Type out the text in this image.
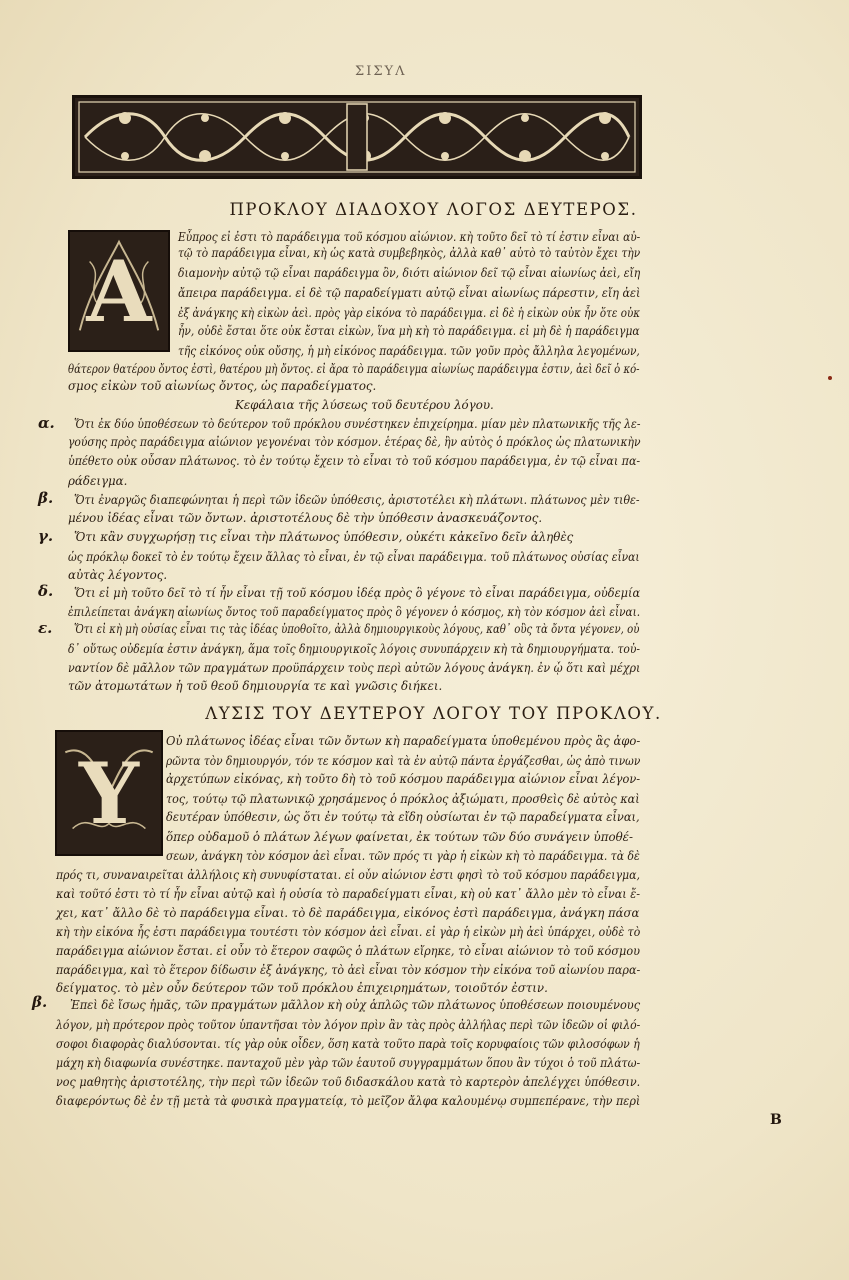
ΣΙΣΥΛ
ΠΡΟΚΛΟΥ ΔΙΑΔΟΧΟΥ ΛΟΓΟΣ ΔΕΥΤΕΡΟΣ.
Α
Εὖπρος εἰ ἐστι τὸ παράδειγμα τοῦ κόσμου αἰώνιον. κὴ τοῦτο δεῖ τὸ τί ἐστιν εἶναι αὐ-
τῷ τὸ παράδειγμα εἶναι, κὴ ὡς κατὰ συμβεβηκὸς, ἀλλὰ καθ᾽ αὑτὸ τὸ ταὐτὸν ἔχει τὴν
διαμονὴν αὐτῷ τῷ εἶναι παράδειγμα ὂν, διότι αἰώνιον δεῖ τῷ εἶναι αἰωνίως ἀεὶ, εἴη
ἄπειρα παράδειγμα. εἰ δὲ τῷ παραδείγματι αὐτῷ εἶναι αἰωνίως πάρεστιν, εἴη ἀεὶ
ἐξ ἀνάγκης κὴ εἰκὼν ἀεὶ. πρὸς γὰρ εἰκόνα τὸ παράδειγμα. εἰ δὲ ἡ εἰκὼν οὐκ ἦν ὅτε οὐκ
ἦν, οὐδὲ ἔσται ὅτε οὐκ ἔσται εἰκὼν, ἵνα μὴ κὴ τὸ παράδειγμα. εἰ μὴ δὲ ἡ παράδειγμα
τῆς εἰκόνος οὐκ οὔσης, ἡ μὴ εἰκόνος παράδειγμα. τῶν γοῦν πρὸς ἄλληλα λεγομένων,
θάτερον θατέρου ὄντος ἐστὶ, θατέρου μὴ ὄντος. εἰ ἄρα τὸ παράδειγμα αἰωνίως παράδειγμα ἐστιν, ἀεὶ δεῖ ὁ κό-
σμος εἰκὼν τοῦ αἰωνίως ὄντος, ὡς παραδείγματος.
Κεφάλαια τῆς λύσεως τοῦ δευτέρου λόγου.
α. Ὅτι ἐκ δύο ὑποθέσεων τὸ δεύτερον τοῦ πρόκλου συνέστηκεν ἐπιχείρημα. μίαν μὲν πλατωνικῆς τῆς λε-
γούσης πρὸς παράδειγμα αἰώνιον γεγονέναι τὸν κόσμον. ἑτέρας δὲ, ἣν αὐτὸς ὁ πρόκλος ὡς πλατωνικὴν
ὑπέθετο οὐκ οὖσαν πλάτωνος. τὸ ἐν τούτῳ ἔχειν τὸ εἶναι τὸ τοῦ κόσμου παράδειγμα, ἐν τῷ εἶναι πα-
ράδειγμα.
β. Ὅτι ἐναργῶς διαπεφώνηται ἡ περὶ τῶν ἰδεῶν ὑπόθεσις, ἀριστοτέλει κὴ πλάτωνι. πλάτωνος μὲν τιθε-
μένου ἰδέας εἶναι τῶν ὄντων. ἀριστοτέλους δὲ τὴν ὑπόθεσιν ἀνασκευάζοντος.
γ. Ὅτι κἂν συγχωρήσῃ τις εἶναι τὴν πλάτωνος ὑπόθεσιν, οὐκέτι κἀκεῖνο δεῖν ἀληθὲς
ὡς πρόκλῳ δοκεῖ τὸ ἐν τούτῳ ἔχειν ἄλλας τὸ εἶναι, ἐν τῷ εἶναι παράδειγμα. τοῦ πλάτωνος οὐσίας εἶναι
αὐτὰς λέγοντος.
δ. Ὅτι εἰ μὴ τοῦτο δεῖ τὸ τί ἦν εἶναι τῇ τοῦ κόσμου ἰδέᾳ πρὸς ὃ γέγονε τὸ εἶναι παράδειγμα, οὐδεμία
ἐπιλείπεται ἀνάγκη αἰωνίως ὄντος τοῦ παραδείγματος πρὸς ὃ γέγονεν ὁ κόσμος, κὴ τὸν κόσμον ἀεὶ εἶναι.
ε. Ὅτι εἰ κὴ μὴ οὐσίας εἶναι τις τὰς ἰδέας ὑποθοῖτο, ἀλλὰ δημιουργικοὺς λόγους, καθ᾽ οὓς τὰ ὄντα γέγονεν, οὐ
δ᾽ οὕτως οὐδεμία ἐστιν ἀνάγκη, ἅμα τοῖς δημιουργικοῖς λόγοις συνυπάρχειν κὴ τὰ δημιουργήματα. τοὐ-
ναντίον δὲ μᾶλλον τῶν πραγμάτων προϋπάρχειν τοὺς περὶ αὐτῶν λόγους ἀνάγκη. ἐν ᾧ ὅτι καὶ μέχρι
τῶν ἀτομωτάτων ἡ τοῦ θεοῦ δημιουργία τε καὶ γνῶσις διήκει.
ΛΥΣΙΣ ΤΟΥ ΔΕΥΤΕΡΟΥ ΛΟΓΟΥ ΤΟΥ ΠΡΟΚΛΟΥ.
Υ
Οὐ πλάτωνος ἰδέας εἶναι τῶν ὄντων κὴ παραδείγματα ὑποθεμένου πρὸς ἃς ἀφο-
ρῶντα τὸν δημιουργόν, τόν τε κόσμον καὶ τὰ ἐν αὐτῷ πάντα ἐργάζεσθαι, ὡς ἀπὸ τινων
ἀρχετύπων εἰκόνας, κὴ τοῦτο δὴ τὸ τοῦ κόσμου παράδειγμα αἰώνιον εἶναι λέγον-
τος, τούτῳ τῷ πλατωνικῷ χρησάμενος ὁ πρόκλος ἀξιώματι, προσθεὶς δὲ αὐτὸς καὶ
δευτέραν ὑπόθεσιν, ὡς ὅτι ἐν τούτῳ τὰ εἴδη οὐσίωται ἐν τῷ παραδείγματα εἶναι,
ὅπερ οὐδαμοῦ ὁ πλάτων λέγων φαίνεται, ἐκ τούτων τῶν δύο συνάγειν ὑποθέ-
σεων, ἀνάγκη τὸν κόσμον ἀεὶ εἶναι. τῶν πρός τι γὰρ ἡ εἰκὼν κὴ τὸ παράδειγμα. τὰ δὲ
πρός τι, συναναιρεῖται ἀλλήλοις κὴ συνυφίσταται. εἰ οὖν αἰώνιον ἐστι φησὶ τὸ τοῦ κόσμου παράδειγμα,
καὶ τοῦτό ἐστι τὸ τί ἦν εἶναι αὐτῷ καὶ ἡ οὐσία τὸ παραδείγματι εἶναι, κὴ οὐ κατ᾽ ἄλλο μὲν τὸ εἶναι ἔ-
χει, κατ᾽ ἄλλο δὲ τὸ παράδειγμα εἶναι. τὸ δὲ παράδειγμα, εἰκόνος ἐστὶ παράδειγμα, ἀνάγκη πάσα
κὴ τὴν εἰκόνα ἧς ἐστι παράδειγμα τουτέστι τὸν κόσμον ἀεὶ εἶναι. εἰ γὰρ ἡ εἰκὼν μὴ ἀεὶ ὑπάρχει, οὐδὲ τὸ
παράδειγμα αἰώνιον ἔσται. εἰ οὖν τὸ ἕτερον σαφῶς ὁ πλάτων εἴρηκε, τὸ εἶναι αἰώνιον τὸ τοῦ κόσμου
παράδειγμα, καὶ τὸ ἕτερον δίδωσιν ἐξ ἀνάγκης, τὸ ἀεὶ εἶναι τὸν κόσμον τὴν εἰκόνα τοῦ αἰωνίου παρα-
δείγματος. τὸ μὲν οὖν δεύτερον τῶν τοῦ πρόκλου ἐπιχειρημάτων, τοιοῦτόν ἐστιν.
β. Ἐπεὶ δὲ ἴσως ἡμᾶς, τῶν πραγμάτων μᾶλλον κὴ οὐχ ἁπλῶς τῶν πλάτωνος ὑποθέσεων ποιουμένους
λόγον, μὴ πρότερον πρὸς τοῦτον ὑπαντῆσαι τὸν λόγον πρὶν ἂν τὰς πρὸς ἀλλήλας περὶ τῶν ἰδεῶν οἱ φιλό-
σοφοι διαφορὰς διαλύσονται. τίς γὰρ οὐκ οἶδεν, ὅση κατὰ τοῦτο παρὰ τοῖς κορυφαίοις τῶν φιλοσόφων ἡ
μάχη κὴ διαφωνία συνέστηκε. πανταχοῦ μὲν γὰρ τῶν ἑαυτοῦ συγγραμμάτων ὅπου ἂν τύχοι ὁ τοῦ πλάτω-
νος μαθητὴς ἀριστοτέλης, τὴν περὶ τῶν ἰδεῶν τοῦ διδασκάλου κατὰ τὸ καρτερὸν ἀπελέγχει ὑπόθεσιν.
διαφερόντως δὲ ἐν τῇ μετὰ τὰ φυσικὰ πραγματείᾳ, τὸ μεῖζον ἄλφα καλουμένῳ συμπεπέρανε, τὴν περὶ
B
